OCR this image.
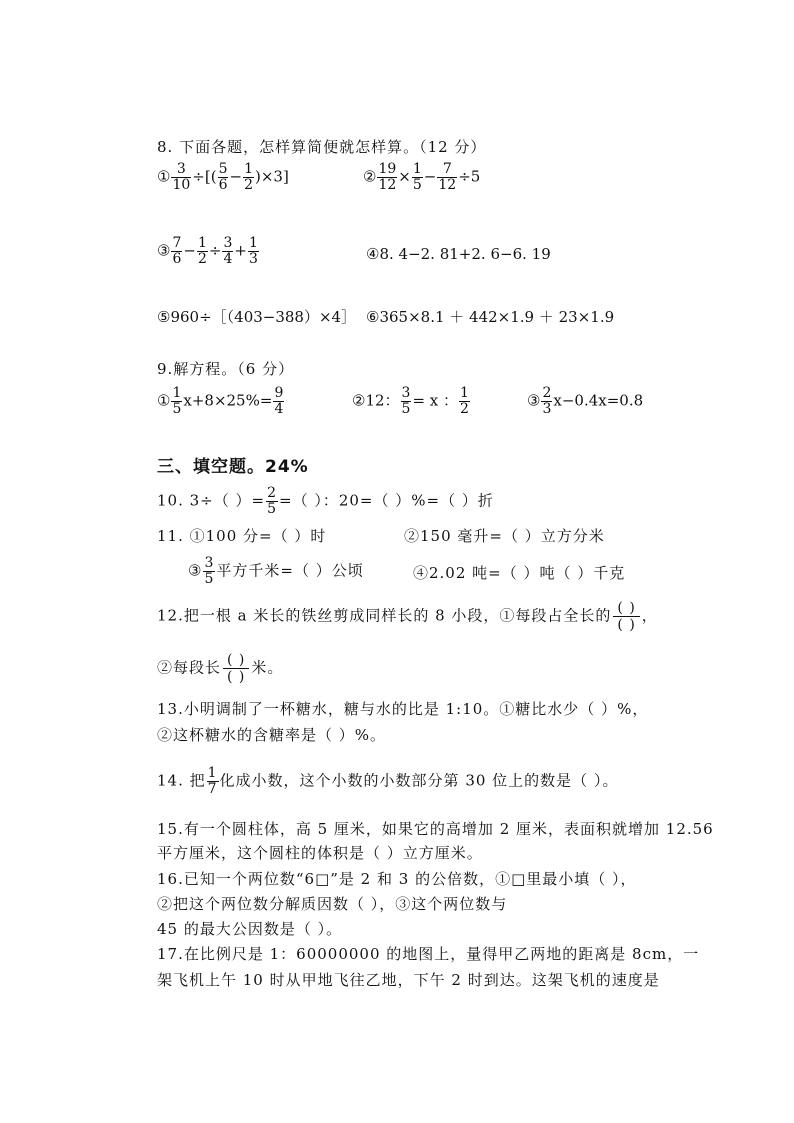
8. 下面各题，怎样算简便就怎样算。（12 分）
① $\frac{3}{10}$ ÷[( $\frac{5}{6} - \frac{1}{2} )\times 3$]	② $\frac{19}{12} \times \frac{1}{5} - \frac{7}{12} \div 5$
③ $\frac{7}{6} - \frac{1}{2} \div \frac{3}{4} + \frac{1}{3}$	④8. 4−2. 81+2. 6−6. 19
⑤960÷［（403−388）×4］ ⑥365×8.1 ＋ 442×1.9 ＋ 23×1.9
9.解方程。（6 分）
① $\frac{1}{5} x+8\times 25\%= \frac{9}{4}$	②12： $\frac{3}{5} = x$ ： $\frac{1}{2}$	③ $\frac{2}{3} x-0.4x=0.8$
三、填空题。24%
10. 3÷（ ）= $\frac{2}{5}$ =（ ）：20=（ ）%=（ ）折
11. ①100 分=（ ）时	②150 毫升=（ ）立方分米
③ $\frac{3}{5}$ 平方千米=（ ）公顷	④2.02 吨=（ ）吨（ ）千克
12.把一根 a 米长的铁丝剪成同样长的 8 小段，①每段占全长的 ( )
( )
，
②每段长 ( )
( )
米。
13.小明调制了一杯糖水，糖与水的比是 1:10。①糖比水少（ ）%，
②这杯糖水的含糖率是（ ）%。
14. 把 $\frac{1}{7}$ 化成小数，这个小数的小数部分第 30 位上的数是（ ）。
15.有一个圆柱体，高 5 厘米，如果它的高增加 2 厘米，表面积就增加 12.56
平方厘米，这个圆柱的体积是（ ）立方厘米。
16.已知一个两位数“6□”是 2 和 3 的公倍数，①□里最小填（ ），
②把这个两位数分解质因数（ ），③这个两位数与
45 的最大公因数是（ ）。
17.在比例尺是 1：60000000 的地图上，量得甲乙两地的距离是 8cm，一
架飞机上午 10 时从甲地飞往乙地，下午 2 时到达。这架飞机的速度是
